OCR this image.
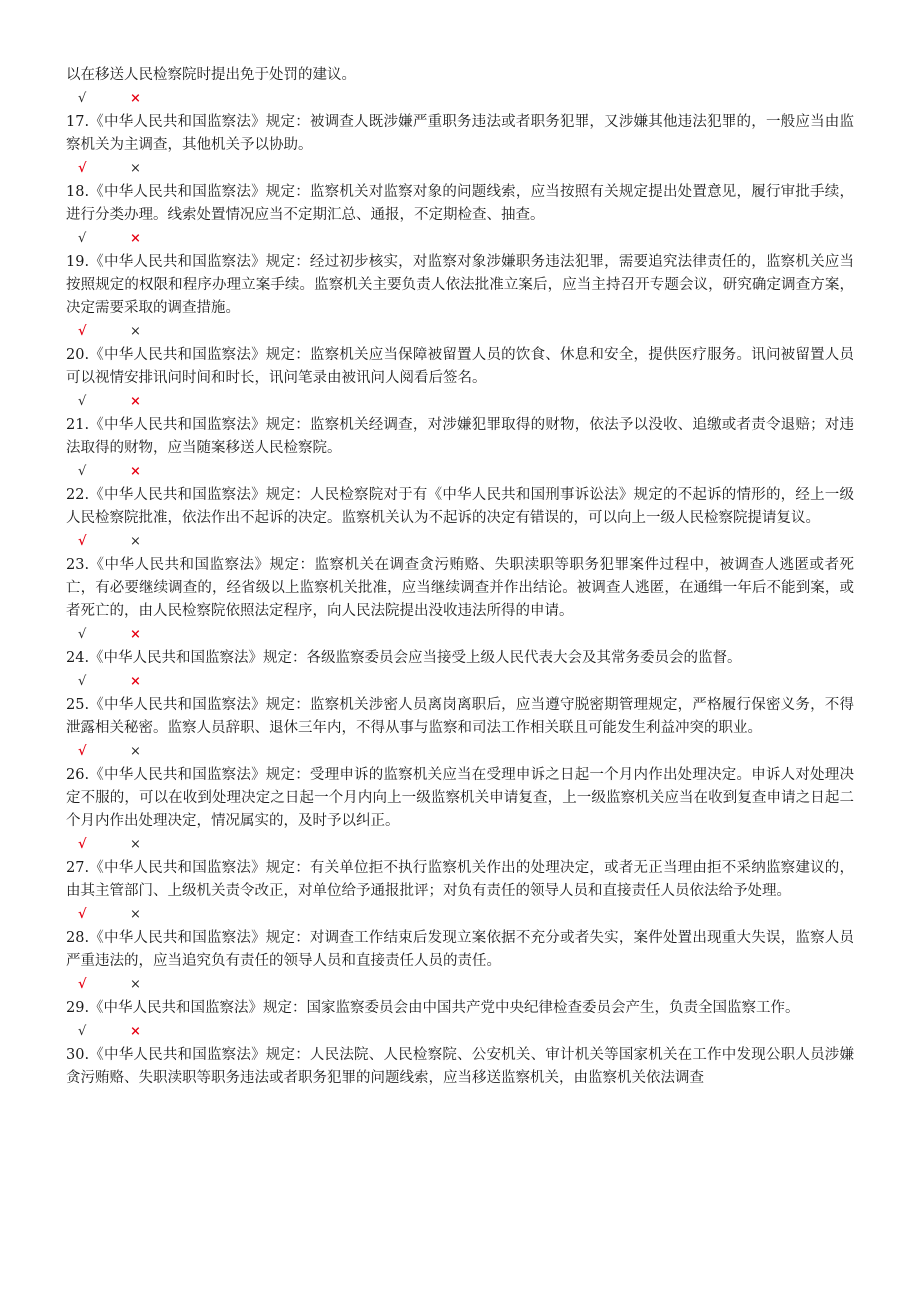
以在移送人民检察院时提出免于处罚的建议。

√	×

17.《中华人民共和国监察法》规定：被调查人既涉嫌严重职务违法或者职务犯罪，又涉嫌其他违法犯罪的，一般应当由监察机关为主调查，其他机关予以协助。

√	×

18.《中华人民共和国监察法》规定：监察机关对监察对象的问题线索，应当按照有关规定提出处置意见，履行审批手续，进行分类办理。线索处置情况应当不定期汇总、通报，不定期检查、抽查。

√	×

19.《中华人民共和国监察法》规定：经过初步核实，对监察对象涉嫌职务违法犯罪，需要追究法律责任的，监察机关应当按照规定的权限和程序办理立案手续。监察机关主要负责人依法批准立案后，应当主持召开专题会议，研究确定调查方案，决定需要采取的调查措施。

√	×

20.《中华人民共和国监察法》规定：监察机关应当保障被留置人员的饮食、休息和安全，提供医疗服务。讯问被留置人员可以视情安排讯问时间和时长，讯问笔录由被讯问人阅看后签名。

√	×

21.《中华人民共和国监察法》规定：监察机关经调查，对涉嫌犯罪取得的财物，依法予以没收、追缴或者责令退赔；对违法取得的财物，应当随案移送人民检察院。

√	×

22.《中华人民共和国监察法》规定：人民检察院对于有《中华人民共和国刑事诉讼法》规定的不起诉的情形的，经上一级人民检察院批准，依法作出不起诉的决定。监察机关认为不起诉的决定有错误的，可以向上一级人民检察院提请复议。

√	×

23.《中华人民共和国监察法》规定：监察机关在调查贪污贿赂、失职渎职等职务犯罪案件过程中，被调查人逃匿或者死亡，有必要继续调查的，经省级以上监察机关批准，应当继续调查并作出结论。被调查人逃匿，在通缉一年后不能到案，或者死亡的，由人民检察院依照法定程序，向人民法院提出没收违法所得的申请。

√	×

24.《中华人民共和国监察法》规定：各级监察委员会应当接受上级人民代表大会及其常务委员会的监督。

√	×

25.《中华人民共和国监察法》规定：监察机关涉密人员离岗离职后，应当遵守脱密期管理规定，严格履行保密义务，不得泄露相关秘密。监察人员辞职、退休三年内，不得从事与监察和司法工作相关联且可能发生利益冲突的职业。

√	×

26.《中华人民共和国监察法》规定：受理申诉的监察机关应当在受理申诉之日起一个月内作出处理决定。申诉人对处理决定不服的，可以在收到处理决定之日起一个月内向上一级监察机关申请复查，上一级监察机关应当在收到复查申请之日起二个月内作出处理决定，情况属实的，及时予以纠正。

√	×

27.《中华人民共和国监察法》规定：有关单位拒不执行监察机关作出的处理决定，或者无正当理由拒不采纳监察建议的，由其主管部门、上级机关责令改正，对单位给予通报批评；对负有责任的领导人员和直接责任人员依法给予处理。

√	×

28.《中华人民共和国监察法》规定：对调查工作结束后发现立案依据不充分或者失实，案件处置出现重大失误，监察人员严重违法的，应当追究负有责任的领导人员和直接责任人员的责任。

√	×

29.《中华人民共和国监察法》规定：国家监察委员会由中国共产党中央纪律检查委员会产生，负责全国监察工作。

√	×

30.《中华人民共和国监察法》规定：人民法院、人民检察院、公安机关、审计机关等国家机关在工作中发现公职人员涉嫌贪污贿赂、失职渎职等职务违法或者职务犯罪的问题线索，应当移送监察机关，由监察机关依法调查
